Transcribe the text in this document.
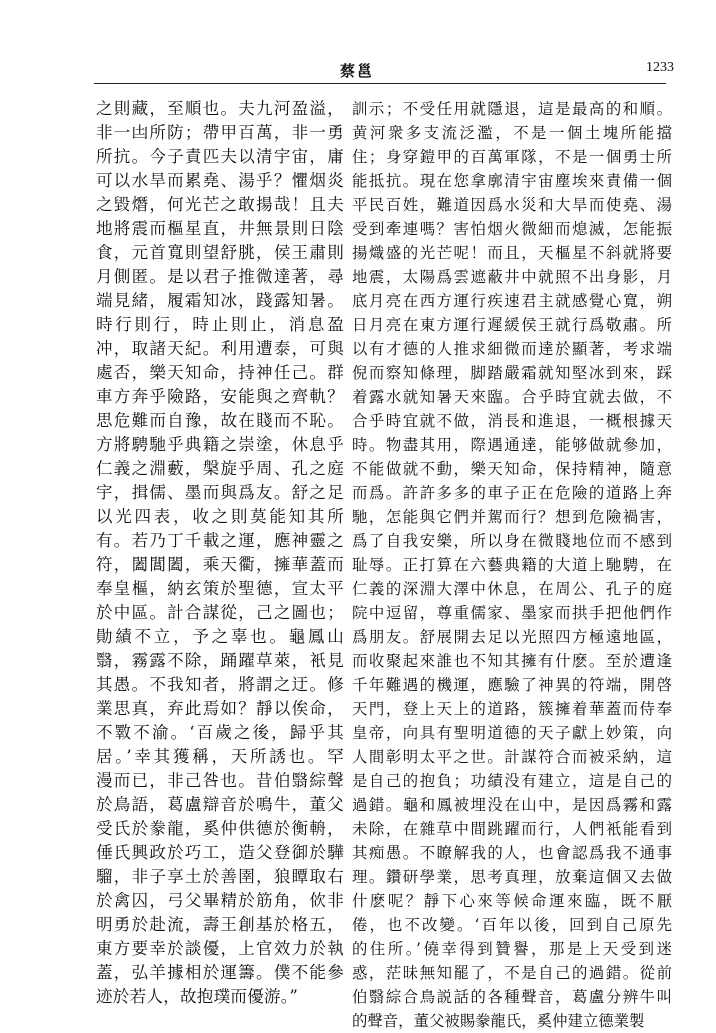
蔡邕	1233
之則藏，至順也。夫九河盈溢，
非一凷所防；帶甲百萬，非一勇
所抗。今子責匹夫以清宇宙，庸
可以水旱而累堯、湯乎？懼烟炎
之毀熸，何光芒之敢揚哉！且夫
地將震而樞星直，井無景則日陰
食，元首寬則望舒朓，侯王肅則
月側匿。是以君子推微達著，尋
端見緒，履霜知冰，踐露知暑。
時行則行，時止則止，消息盈
冲，取諸天紀。利用遭泰，可與
處否，樂天知命，持神任己。群
車方奔乎險路，安能與之齊軌？
思危難而自豫，故在賤而不恥。
方將騁馳乎典籍之崇塗，休息乎
仁義之淵藪，槃旋乎周、孔之庭
宇，揖儒、墨而與爲友。舒之足
以光四表，收之則莫能知其所
有。若乃丁千載之運，應神靈之
符，闔閶闔，乘天衢，擁華蓋而
奉皇樞，納玄策於聖德，宣太平
於中區。計合謀從，己之圖也；
勛績不立，予之辜也。龜鳳山
翳，霧露不除，踊躍草萊，衹見
其愚。不我知者，將謂之迂。修
業思真，弃此焉如？靜以俟命，
不斁不渝。‘百歲之後，歸乎其
居。’幸其獲稱，天所誘也。罕
漫而已，非己咎也。昔伯翳綜聲
於鳥語，葛盧辯音於鳴牛，董父
受氏於豢龍，奚仲供德於衡輈，
倕氏興政於巧工，造父登御於驊
騮，非子享土於善圉，狼瞫取右
於禽囚，弓父畢精於筋角，佽非
明勇於赴流，壽王創基於格五，
東方要幸於談優，上官效力於執
蓋，弘羊據相於運籌。僕不能參
迹於若人，故抱璞而優游。”
訓示；不受任用就隱退，這是最高的和順。
黄河衆多支流泛濫，不是一個土塊所能擋
住；身穿鎧甲的百萬軍隊，不是一個勇士所
能抵抗。現在您拿廓清宇宙塵埃來責備一個
平民百姓，難道因爲水災和大旱而使堯、湯
受到牽連嗎？害怕烟火微細而熄滅，怎能振
揚熾盛的光芒呢！而且，天樞星不斜就將要
地震，太陽爲雲遮蔽井中就照不出身影，月
底月亮在西方運行疾速君主就感覺心寬，朔
日月亮在東方運行遲緩侯王就行爲敬肅。所
以有才德的人推求細微而達於顯著，考求端
倪而察知條理，脚踏嚴霜就知堅冰到來，踩
着露水就知暑天來臨。合乎時宜就去做，不
合乎時宜就不做，消長和進退，一概根據天
時。物盡其用，際遇通達，能够做就參加，
不能做就不動，樂天知命，保持精神，隨意
而爲。許許多多的車子正在危險的道路上奔
馳，怎能與它們并駕而行？想到危險禍害，
爲了自我安樂，所以身在微賤地位而不感到
耻辱。正打算在六藝典籍的大道上馳騁，在
仁義的深淵大澤中休息，在周公、孔子的庭
院中逗留，尊重儒家、墨家而拱手把他們作
爲朋友。舒展開去足以光照四方極遠地區，
而收聚起來誰也不知其擁有什麽。至於遭逢
千年難遇的機運，應驗了神異的符端，開啓
天門，登上天上的道路，簇擁着華蓋而侍奉
皇帝，向具有聖明道德的天子獻上妙策，向
人間彰明太平之世。計謀符合而被采納，這
是自己的抱負；功績没有建立，這是自己的
過錯。龜和鳳被埋没在山中，是因爲霧和露
未除，在雜草中間跳躍而行，人們衹能看到
其痴愚。不瞭解我的人，也會認爲我不通事
理。鑽研學業，思考真理，放棄這個又去做
什麽呢？靜下心來等候命運來臨，既不厭
倦，也不改變。‘百年以後，回到自己原先
的住所。’僥幸得到贊譽，那是上天受到迷
惑，茫昧無知罷了，不是自己的過錯。從前
伯翳綜合鳥説話的各種聲音，葛盧分辨牛叫
的聲音，董父被賜豢龍氏，奚仲建立德業製
